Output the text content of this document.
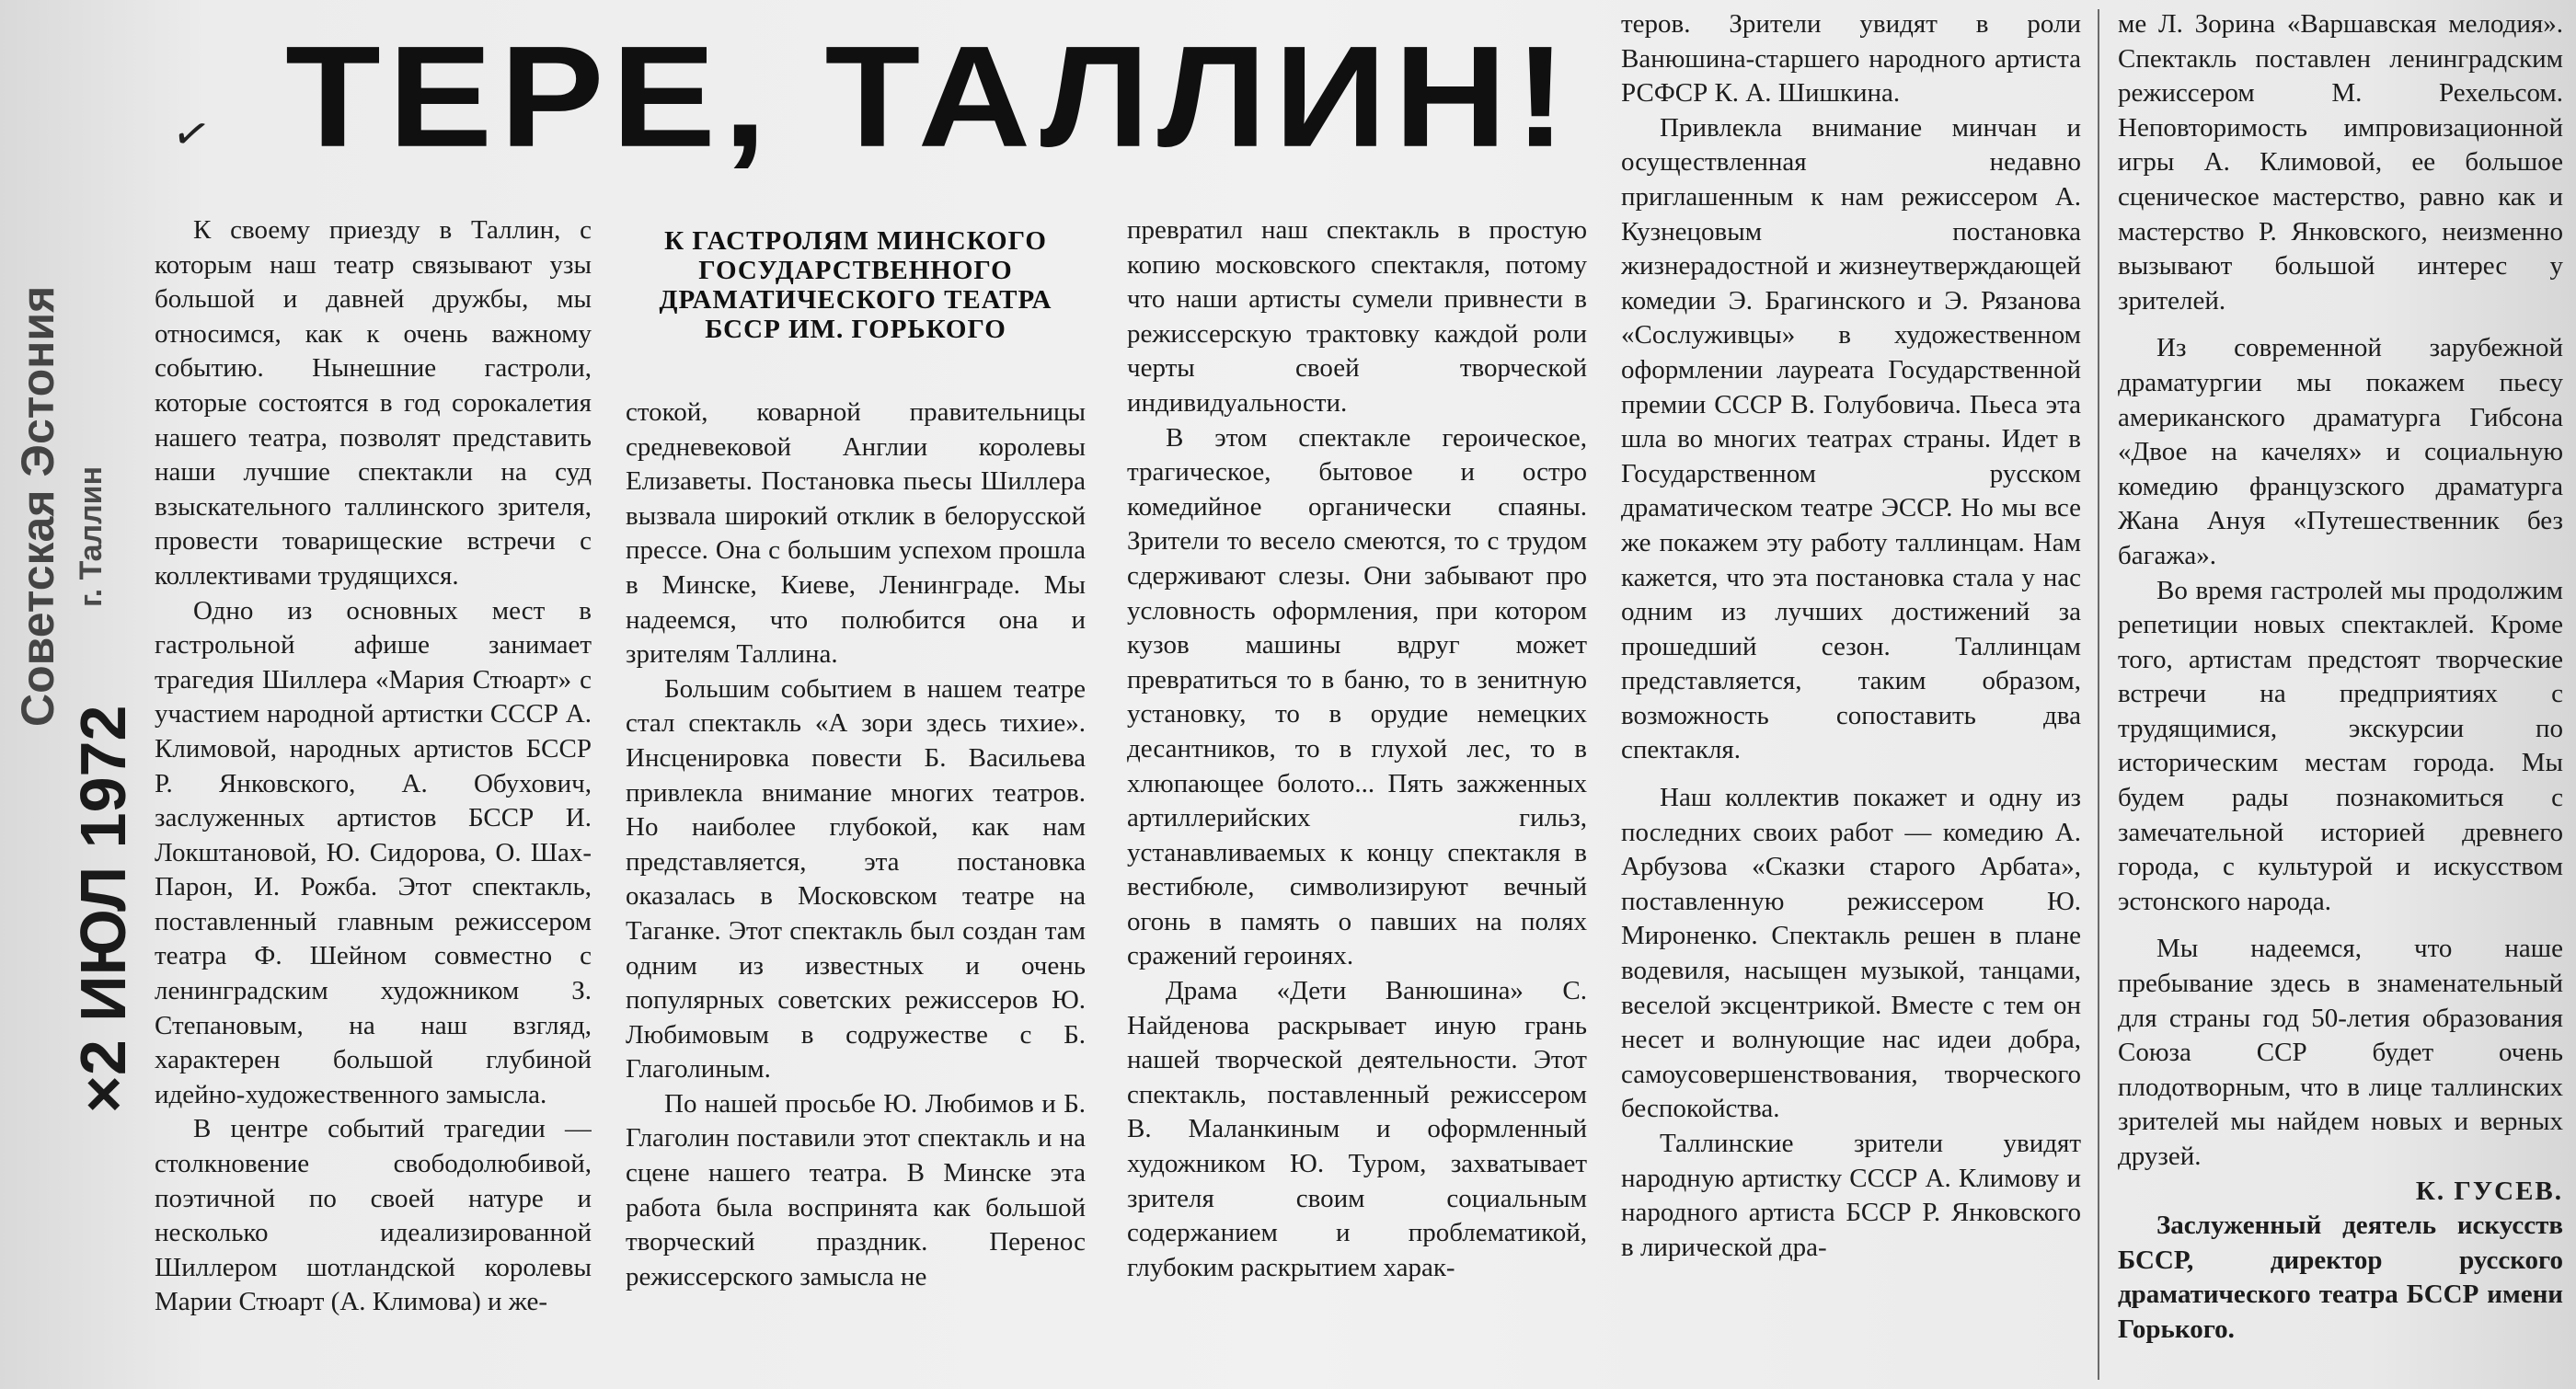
✓ ТЕРЕ, ТАЛЛИН!
×2 ИЮЛ 1972
Советская Эстония г. Таллин

К своему приезду в Таллин, с которым наш театр связывают узы большой и давней дружбы, мы относимся, как к очень важному событию. Нынешние гастроли, которые состоятся в год сорокалетия нашего театра, позволят представить наши лучшие спектакли на суд взыскательного таллинского зрителя, провести товарищеские встречи с коллективами трудящихся.

Одно из основных мест в гастрольной афише занимает трагедия Шиллера «Мария Стюарт» с участием народной артистки СССР А. Климовой, народных артистов БССР Р. Янковского, А. Обухович, заслуженных артистов БССР И. Локштановой, Ю. Сидорова, О. Шах-Парон, И. Рожба. Этот спектакль, поставленный главным режиссером театра Ф. Шейном совместно с ленинградским художником З. Степановым, на наш взгляд, характерен большой глубиной идейно-художественного замысла.

В центре событий трагедии — столкновение свободолюбивой, поэтичной по своей натуре и несколько идеализированной Шиллером шотландской королевы Марии Стюарт (А. Климова) и же-

К ГАСТРОЛЯМ МИНСКОГО ГОСУДАРСТВЕННОГО ДРАМАТИЧЕСКОГО ТЕАТРА БССР ИМ. ГОРЬКОГО

стокой, коварной правительницы средневековой Англии королевы Елизаветы. Постановка пьесы Шиллера вызвала широкий отклик в белорусской прессе. Она с большим успехом прошла в Минске, Киеве, Ленинграде. Мы надеемся, что полюбится она и зрителям Таллина.

Большим событием в нашем театре стал спектакль «А зори здесь тихие». Инсценировка повести Б. Васильева привлекла внимание многих театров. Но наиболее глубокой, как нам представляется, эта постановка оказалась в Московском театре на Таганке. Этот спектакль был создан там одним из известных и очень популярных советских режиссеров Ю. Любимовым в содружестве с Б. Глаголиным.

По нашей просьбе Ю. Любимов и Б. Глаголин поставили этот спектакль и на сцене нашего театра. В Минске эта работа была воспринята как большой творческий праздник. Перенос режиссерского замысла не

превратил наш спектакль в простую копию московского спектакля, потому что наши артисты сумели привнести в режиссерскую трактовку каждой роли черты своей творческой индивидуальности.

В этом спектакле героическое, трагическое, бытовое и остро комедийное органически спаяны. Зрители то весело смеются, то с трудом сдерживают слезы. Они забывают про условность оформления, при котором кузов машины вдруг может превратиться то в баню, то в зенитную установку, то в орудие немецких десантников, то в глухой лес, то в хлюпающее болото... Пять зажженных артиллерийских гильз, устанавливаемых к концу спектакля в вестибюле, символизируют вечный огонь в память о павших на полях сражений героинях.

Драма «Дети Ванюшина» С. Найденова раскрывает иную грань нашей творческой деятельности. Этот спектакль, поставленный режиссером В. Маланкиным и оформленный художником Ю. Туром, захватывает зрителя своим социальным содержанием и проблематикой, глубоким раскрытием харак-

теров. Зрители увидят в роли Ванюшина-старшего народного артиста РСФСР К. А. Шишкина.

Привлекла внимание минчан и осуществленная недавно приглашенным к нам режиссером А. Кузнецовым постановка жизнерадостной и жизнеутверждающей комедии Э. Брагинского и Э. Рязанова «Сослуживцы» в художественном оформлении лауреата Государственной премии СССР В. Голубовича. Пьеса эта шла во многих театрах страны. Идет в Государственном русском драматическом театре ЭССР. Но мы все же покажем эту работу таллинцам. Нам кажется, что эта постановка стала у нас одним из лучших достижений за прошедший сезон. Таллинцам представляется, таким образом, возможность сопоставить два спектакля.

Наш коллектив покажет и одну из последних своих работ — комедию А. Арбузова «Сказки старого Арбата», поставленную режиссером Ю. Мироненко. Спектакль решен в плане водевиля, насыщен музыкой, танцами, веселой эксцентрикой. Вместе с тем он несет и волнующие нас идеи добра, самоусовершенствования, творческого беспокойства.

Таллинские зрители увидят народную артистку СССР А. Климову и народного артиста БССР Р. Янковского в лирической дра-

ме Л. Зорина «Варшавская мелодия». Спектакль поставлен ленинградским режиссером М. Рехельсом. Неповторимость импровизационной игры А. Климовой, ее большое сценическое мастерство, равно как и мастерство Р. Янковского, неизменно вызывают большой интерес у зрителей.

Из современной зарубежной драматургии мы покажем пьесу американского драматурга Гибсона «Двое на качелях» и социальную комедию французского драматурга Жана Ануя «Путешественник без багажа».

Во время гастролей мы продолжим репетиции новых спектаклей. Кроме того, артистам предстоят творческие встречи на предприятиях с трудящимися, экскурсии по историческим местам города. Мы будем рады познакомиться с замечательной историей древнего города, с культурой и искусством эстонского народа.

Мы надеемся, что наше пребывание здесь в знаменательный для страны год 50-летия образования Союза ССР будет очень плодотворным, что в лице таллинских зрителей мы найдем новых и верных друзей.

К. ГУСЕВ.

Заслуженный деятель искусств БССР, директор русского драматического театра БССР имени Горького.
